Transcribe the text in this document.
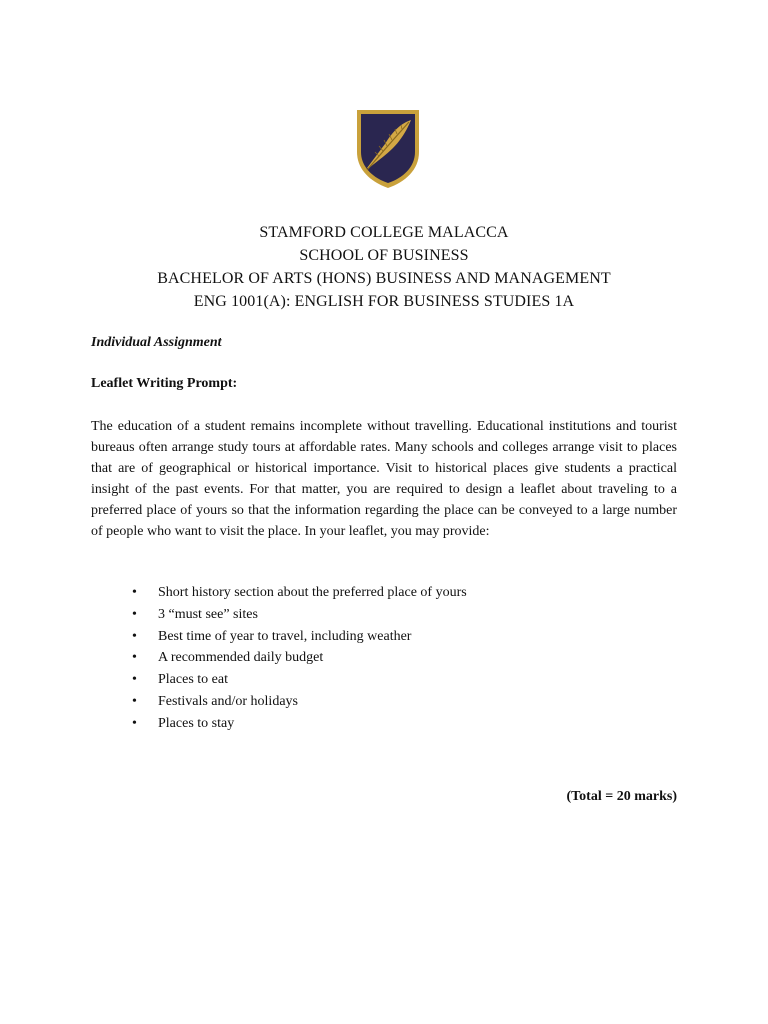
STAMFORD COLLEGE MALACCA
SCHOOL OF BUSINESS
BACHELOR OF ARTS (HONS) BUSINESS AND MANAGEMENT
ENG 1001(A): ENGLISH FOR BUSINESS STUDIES 1A
Individual Assignment
Leaflet Writing Prompt:
The education of a student remains incomplete without travelling. Educational institutions and tourist bureaus often arrange study tours at affordable rates. Many schools and colleges arrange visit to places that are of geographical or historical importance. Visit to historical places give students a practical insight of the past events. For that matter, you are required to design a leaflet about traveling to a preferred place of yours so that the information regarding the place can be conveyed to a large number of people who want to visit the place. In your leaflet, you may provide:
• Short history section about the preferred place of yours
• 3 “must see” sites
• Best time of year to travel, including weather
• A recommended daily budget
• Places to eat
• Festivals and/or holidays
• Places to stay
(Total = 20 marks)
